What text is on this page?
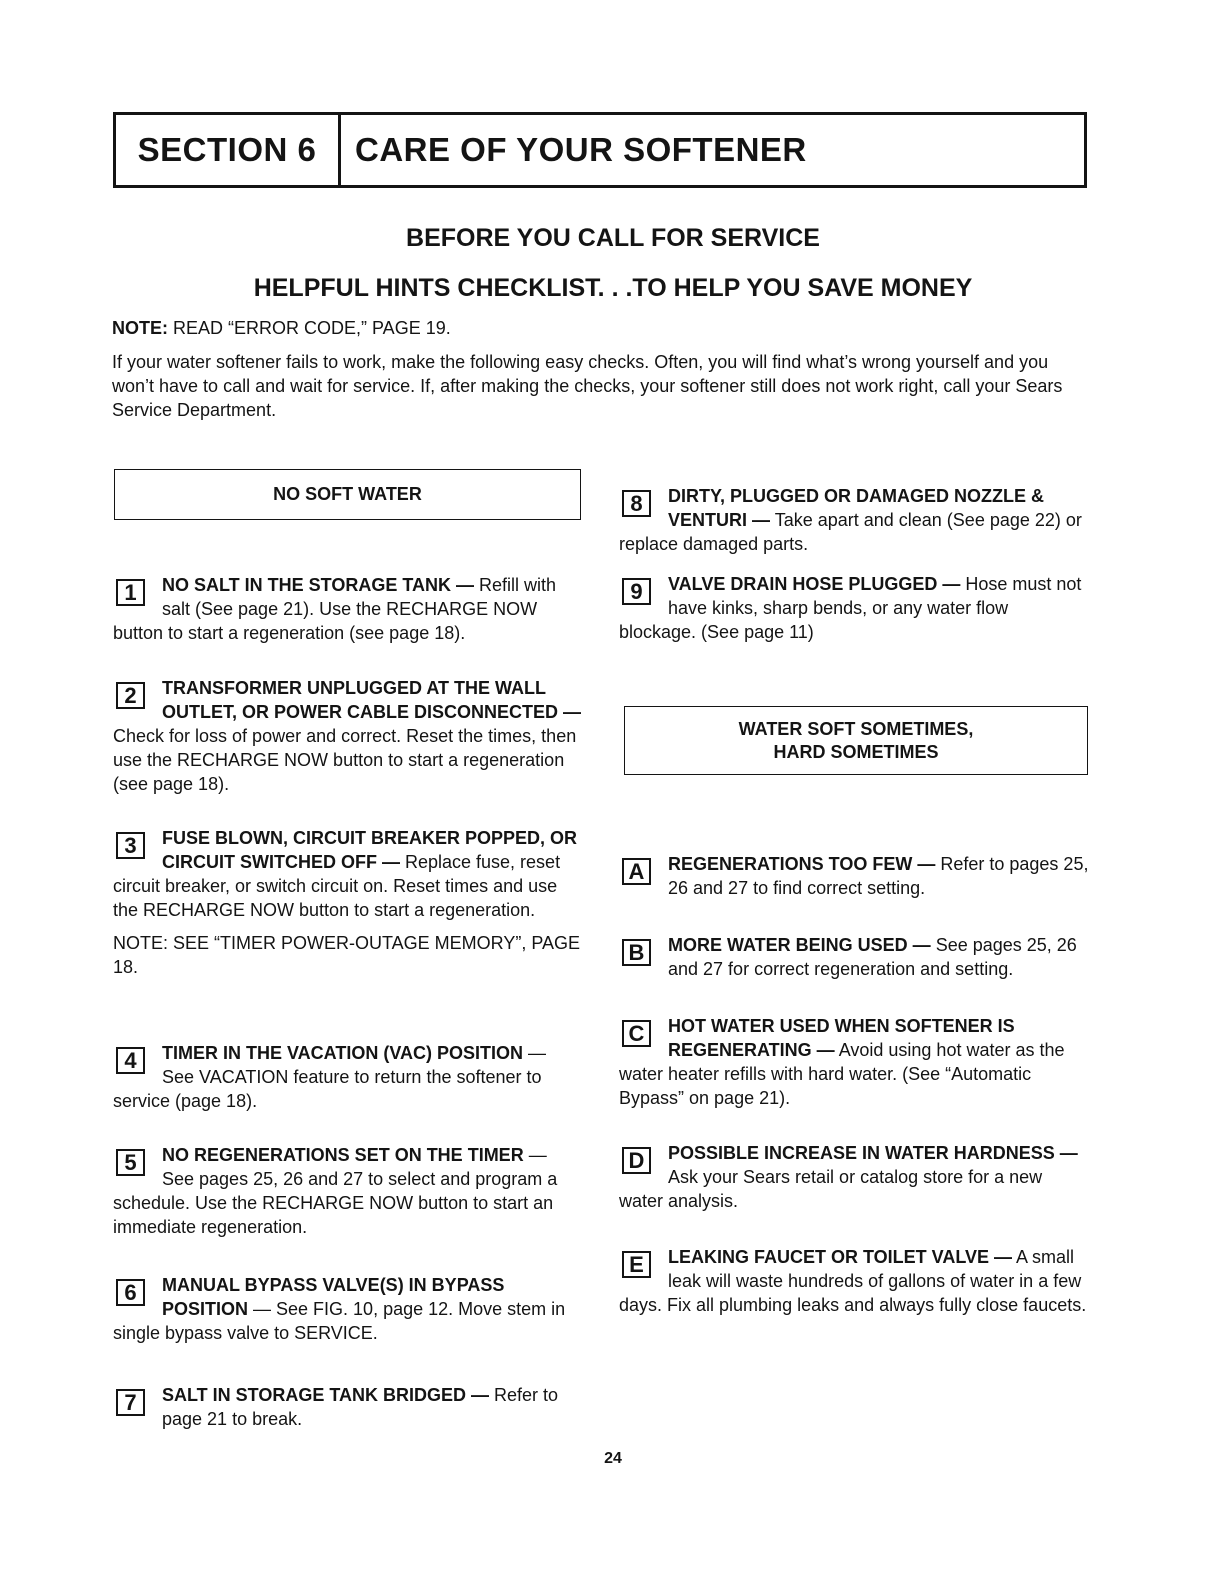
SECTION 6	CARE OF YOUR SOFTENER
BEFORE YOU CALL FOR SERVICE
HELPFUL HINTS CHECKLIST. . .TO HELP YOU SAVE MONEY
NOTE: READ “ERROR CODE,” PAGE 19.
If your water softener fails to work, make the following easy checks. Often, you will find what’s wrong yourself and you won’t have to call and wait for service. If, after making the checks, your softener still does not work right, call your Sears Service Department.
NO SOFT WATER
1	NO SALT IN THE STORAGE TANK — Refill with salt (See page 21). Use the RECHARGE NOW button to start a regeneration (see page 18).
2	TRANSFORMER UNPLUGGED AT THE WALL OUTLET, OR POWER CABLE DISCONNECTED — Check for loss of power and correct. Reset the times, then use the RECHARGE NOW button to start a regeneration (see page 18).
3	FUSE BLOWN, CIRCUIT BREAKER POPPED, OR CIRCUIT SWITCHED OFF — Replace fuse, reset circuit breaker, or switch circuit on. Reset times and use the RECHARGE NOW button to start a regeneration.
NOTE: SEE “TIMER POWER-OUTAGE MEMORY”, PAGE 18.
4	TIMER IN THE VACATION (VAC) POSITION — See VACATION feature to return the softener to service (page 18).
5	NO REGENERATIONS SET ON THE TIMER — See pages 25, 26 and 27 to select and program a schedule. Use the RECHARGE NOW button to start an immediate regeneration.
6	MANUAL BYPASS VALVE(S) IN BYPASS POSITION — See FIG. 10, page 12. Move stem in single bypass valve to SERVICE.
7	SALT IN STORAGE TANK BRIDGED — Refer to page 21 to break.
8	DIRTY, PLUGGED OR DAMAGED NOZZLE & VENTURI — Take apart and clean (See page 22) or replace damaged parts.
9	VALVE DRAIN HOSE PLUGGED — Hose must not have kinks, sharp bends, or any water flow blockage. (See page 11)
WATER SOFT SOMETIMES,
HARD SOMETIMES
A	REGENERATIONS TOO FEW — Refer to pages 25, 26 and 27 to find correct setting.
B	MORE WATER BEING USED — See pages 25, 26 and 27 for correct regeneration and setting.
C	HOT WATER USED WHEN SOFTENER IS REGENERATING — Avoid using hot water as the water heater refills with hard water. (See “Automatic Bypass” on page 21).
D	POSSIBLE INCREASE IN WATER HARDNESS — Ask your Sears retail or catalog store for a new water analysis.
E	LEAKING FAUCET OR TOILET VALVE — A small leak will waste hundreds of gallons of water in a few days. Fix all plumbing leaks and always fully close faucets.
24
